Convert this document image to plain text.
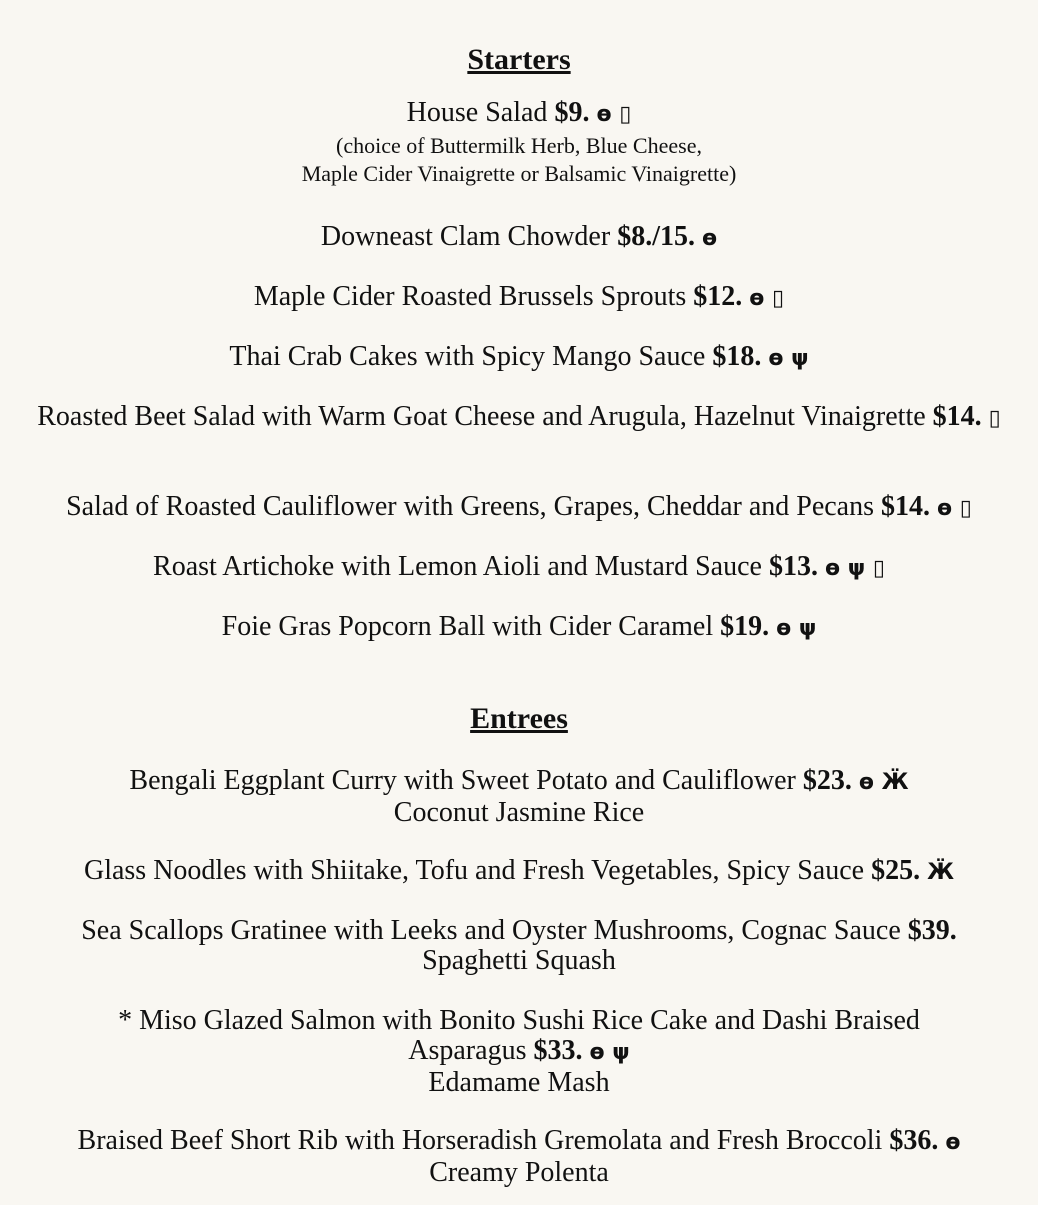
Starters
House Salad $9. ɵ ▯
(choice of Buttermilk Herb, Blue Cheese,
Maple Cider Vinaigrette or Balsamic Vinaigrette)
Downeast Clam Chowder $8./15. ɵ
Maple Cider Roasted Brussels Sprouts $12. ɵ ▯
Thai Crab Cakes with Spicy Mango Sauce $18. ɵ ψ
Roasted Beet Salad with Warm Goat Cheese and Arugula, Hazelnut Vinaigrette $14. ▯
Salad of Roasted Cauliflower with Greens, Grapes, Cheddar and Pecans $14. ɵ ▯
Roast Artichoke with Lemon Aioli and Mustard Sauce $13. ɵ ψ ▯
Foie Gras Popcorn Ball with Cider Caramel $19. ɵ ψ
Entrees
Bengali Eggplant Curry with Sweet Potato and Cauliflower $23. ɵ Ӝ
Coconut Jasmine Rice
Glass Noodles with Shiitake, Tofu and Fresh Vegetables, Spicy Sauce $25. Ӝ
Sea Scallops Gratinee with Leeks and Oyster Mushrooms, Cognac Sauce $39.
Spaghetti Squash
* Miso Glazed Salmon with Bonito Sushi Rice Cake and Dashi Braised Asparagus $33. ɵ ψ
Edamame Mash
Braised Beef Short Rib with Horseradish Gremolata and Fresh Broccoli $36. ɵ
Creamy Polenta
